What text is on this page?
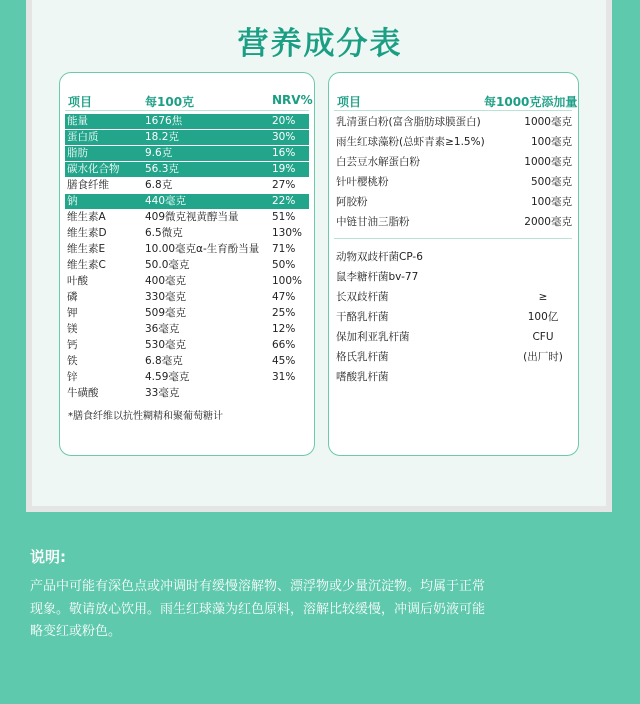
营养成分表
项目	每100克	NRV%
能量	1676焦	20%
蛋白质	18.2克	30%
脂肪	9.6克	16%
碳水化合物 56.3克	19%
膳食纤维	6.8克	27%
钠	440毫克	22%
维生素A	409微克视黄醇当量	51%
维生素D	6.5微克	130%
维生素E	10.00毫克α-生育酚当量 71%
维生素C	50.0毫克	50%
叶酸	400毫克	100%
磷	330毫克	47%
钾	509毫克	25%
镁	36毫克	12%
钙	530毫克	66%
铁	6.8毫克	45%
锌	4.59毫克	31%
牛磺酸	33毫克
*膳食纤维以抗性糊精和聚葡萄糖计
项目	每1000克添加量
乳清蛋白粉(富含脂肪球膜蛋白)	1000毫克
雨生红球藻粉(总虾青素≥1.5%)	100毫克
白芸豆水解蛋白粉	1000毫克
针叶樱桃粉	500毫克
阿胶粉	100毫克
中链甘油三脂粉	2000毫克
动物双歧杆菌CP-6
鼠李糖杆菌bv-77
长双歧杆菌
干酪乳杆菌
保加利亚乳杆菌
格氏乳杆菌
嗜酸乳杆菌
≥
100亿
CFU
(出厂时)
说明:
产品中可能有深色点或冲调时有缓慢溶解物、漂浮物或少量沉淀物。均属于正常
现象。敬请放心饮用。雨生红球藻为红色原料，溶解比较缓慢，冲调后奶液可能
略变红或粉色。
